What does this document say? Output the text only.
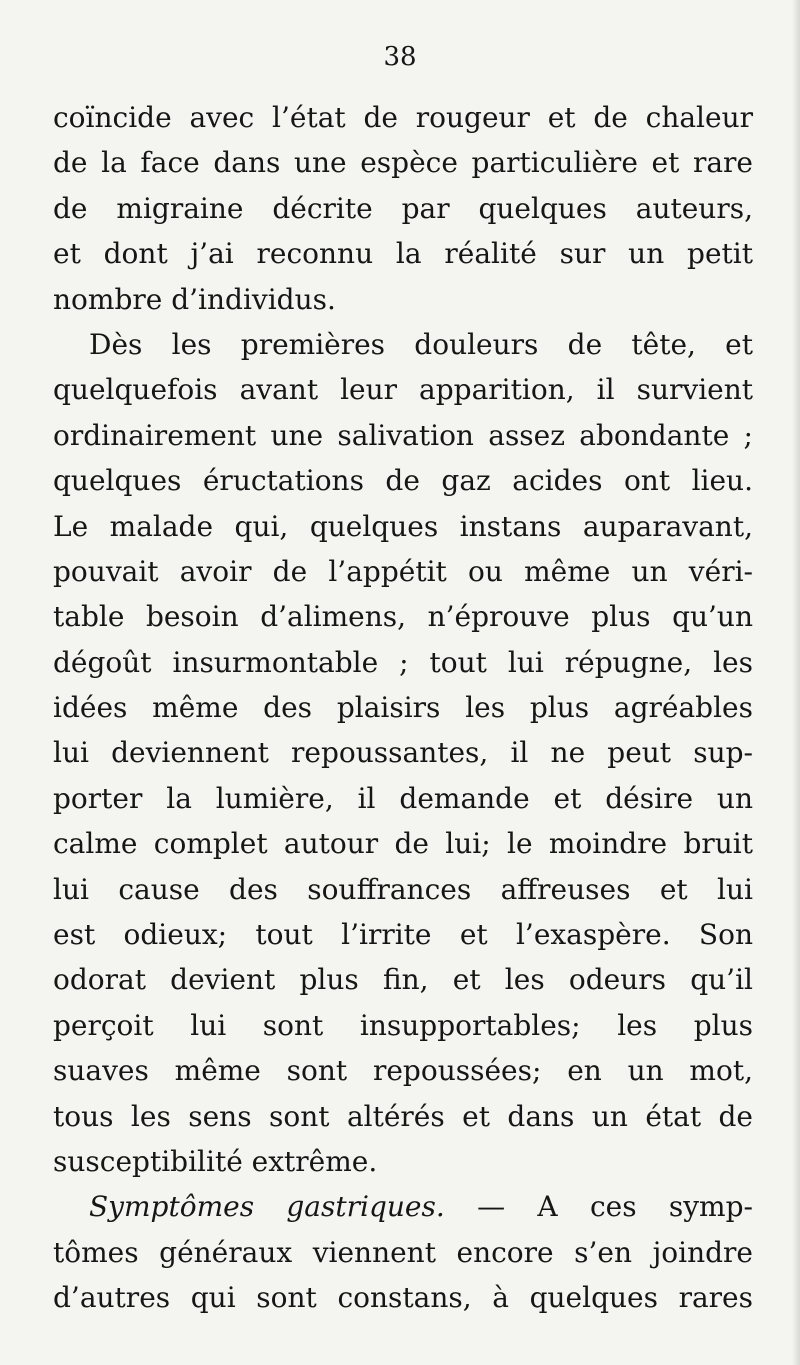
38
coïncide avec l’état de rougeur et de chaleur
de la face dans une espèce particulière et rare
de migraine décrite par quelques auteurs,
et dont j’ai reconnu la réalité sur un petit
nombre d’individus.
Dès les premières douleurs de tête, et
quelquefois avant leur apparition, il survient
ordinairement une salivation assez abondante ;
quelques éructations de gaz acides ont lieu.
Le malade qui, quelques instans auparavant,
pouvait avoir de l’appétit ou même un véri-
table besoin d’alimens, n’éprouve plus qu’un
dégoût insurmontable ; tout lui répugne, les
idées même des plaisirs les plus agréables
lui deviennent repoussantes, il ne peut sup-
porter la lumière, il demande et désire un
calme complet autour de lui; le moindre bruit
lui cause des souffrances affreuses et lui
est odieux; tout l’irrite et l’exaspère. Son
odorat devient plus fin, et les odeurs qu’il
perçoit lui sont insupportables; les plus
suaves même sont repoussées; en un mot,
tous les sens sont altérés et dans un état de
susceptibilité extrême.
Symptômes gastriques. — A ces symp-
tômes généraux viennent encore s’en joindre
d’autres qui sont constans, à quelques rares
